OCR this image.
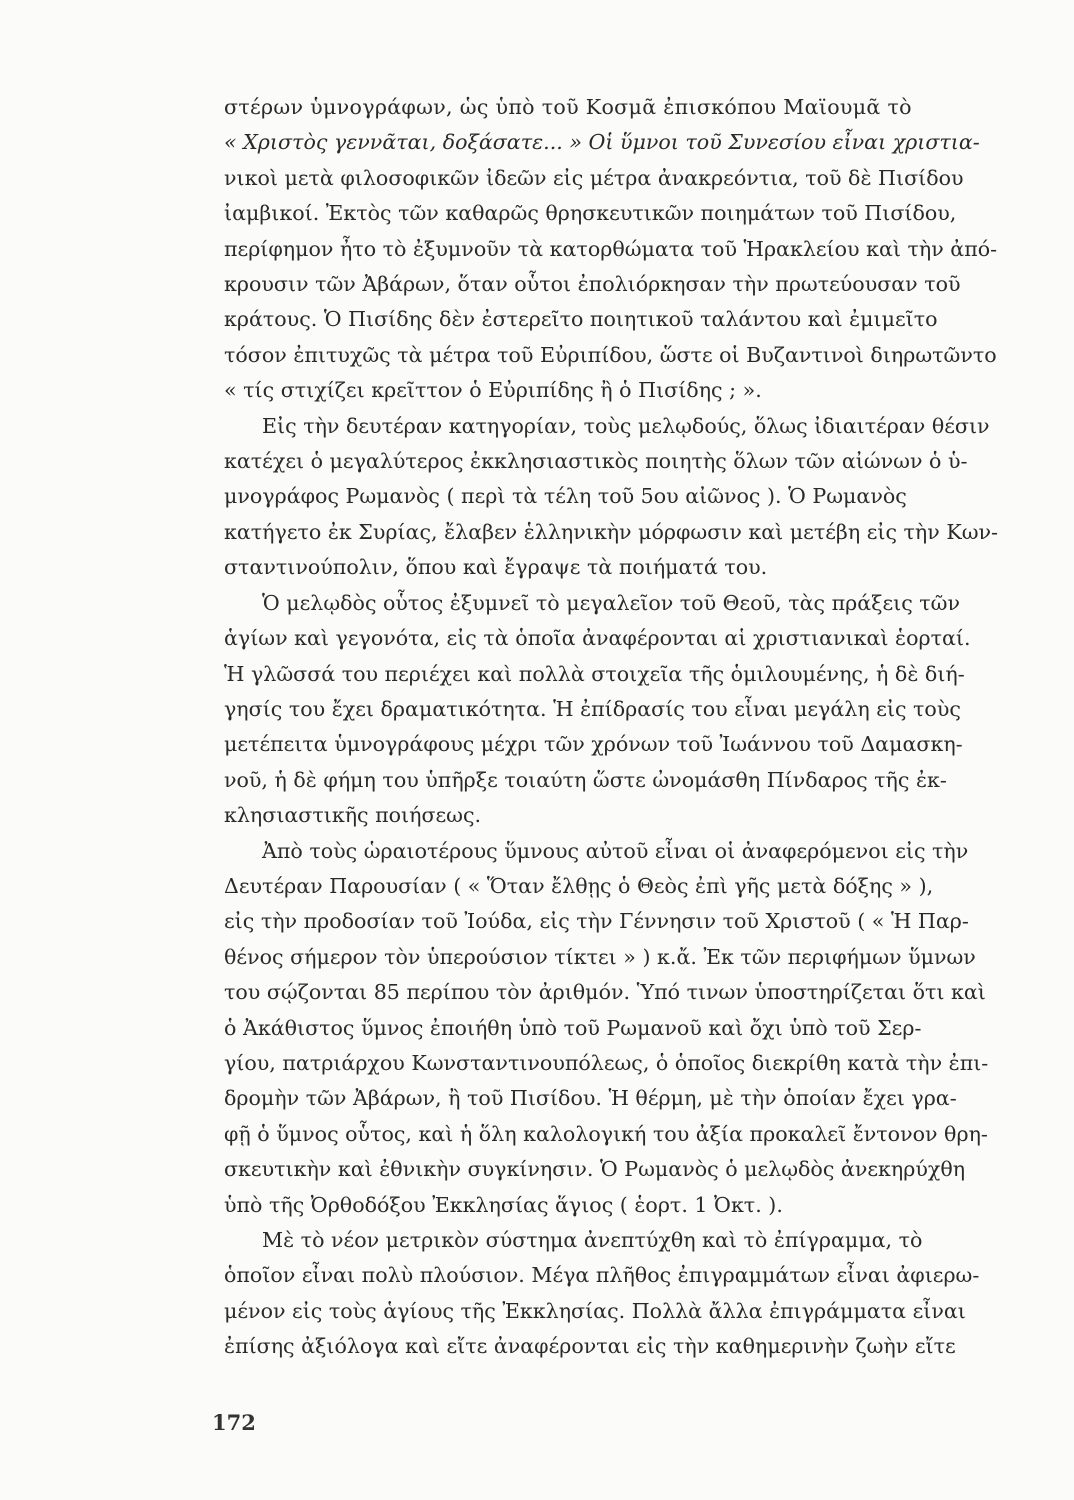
στέρων ὑμνογράφων, ὡς ὑπὸ τοῦ Κοσμᾶ ἐπισκόπου Μαϊουμᾶ τὸ
« Χριστὸς γεννᾶται, δοξάσατε... » Οἱ ὕμνοι τοῦ Συνεσίου εἶναι χριστια-
νικοὶ μετὰ φιλοσοφικῶν ἰδεῶν εἰς μέτρα ἀνακρεόντια, τοῦ δὲ Πισίδου
ἰαμβικοί. Ἐκτὸς τῶν καθαρῶς θρησκευτικῶν ποιημάτων τοῦ Πισίδου,
περίφημον ἦτο τὸ ἐξυμνοῦν τὰ κατορθώματα τοῦ Ἡρακλείου καὶ τὴν ἀπό-
κρουσιν τῶν Ἀβάρων, ὅταν οὗτοι ἐπολιόρκησαν τὴν πρωτεύουσαν τοῦ
κράτους. Ὁ Πισίδης δὲν ἐστερεῖτο ποιητικοῦ ταλάντου καὶ ἐμιμεῖτο
τόσον ἐπιτυχῶς τὰ μέτρα τοῦ Εὐριπίδου, ὥστε οἱ Βυζαντινοὶ διηρωτῶντο
« τίς στιχίζει κρεῖττον ὁ Εὐριπίδης ἢ ὁ Πισίδης ; ».
Εἰς τὴν δευτέραν κατηγορίαν, τοὺς μελῳδούς, ὅλως ἰδιαιτέραν θέσιν
κατέχει ὁ μεγαλύτερος ἐκκλησιαστικὸς ποιητὴς ὅλων τῶν αἰώνων ὁ ὑ-
μνογράφος Ρωμανὸς ( περὶ τὰ τέλη τοῦ 5ου αἰῶνος ). Ὁ Ρωμανὸς
κατήγετο ἐκ Συρίας, ἔλαβεν ἑλληνικὴν μόρφωσιν καὶ μετέβη εἰς τὴν Κων-
σταντινούπολιν, ὅπου καὶ ἔγραψε τὰ ποιήματά του.
Ὁ μελῳδὸς οὗτος ἐξυμνεῖ τὸ μεγαλεῖον τοῦ Θεοῦ, τὰς πράξεις τῶν
ἁγίων καὶ γεγονότα, εἰς τὰ ὁποῖα ἀναφέρονται αἱ χριστιανικαὶ ἑορταί.
Ἡ γλῶσσά του περιέχει καὶ πολλὰ στοιχεῖα τῆς ὁμιλουμένης, ἡ δὲ διή-
γησίς του ἔχει δραματικότητα. Ἡ ἐπίδρασίς του εἶναι μεγάλη εἰς τοὺς
μετέπειτα ὑμνογράφους μέχρι τῶν χρόνων τοῦ Ἰωάννου τοῦ Δαμασκη-
νοῦ, ἡ δὲ φήμη του ὑπῆρξε τοιαύτη ὥστε ὠνομάσθη Πίνδαρος τῆς ἐκ-
κλησιαστικῆς ποιήσεως.
Ἀπὸ τοὺς ὡραιοτέρους ὕμνους αὐτοῦ εἶναι οἱ ἀναφερόμενοι εἰς τὴν
Δευτέραν Παρουσίαν ( « Ὅταν ἔλθῃς ὁ Θεὸς ἐπὶ γῆς μετὰ δόξης » ),
εἰς τὴν προδοσίαν τοῦ Ἰούδα, εἰς τὴν Γέννησιν τοῦ Χριστοῦ ( « Ἡ Παρ-
θένος σήμερον τὸν ὑπερούσιον τίκτει » ) κ.ἄ. Ἐκ τῶν περιφήμων ὕμνων
του σῴζονται 85 περίπου τὸν ἀριθμόν. Ὑπό τινων ὑποστηρίζεται ὅτι καὶ
ὁ Ἀκάθιστος ὕμνος ἐποιήθη ὑπὸ τοῦ Ρωμανοῦ καὶ ὄχι ὑπὸ τοῦ Σερ-
γίου, πατριάρχου Κωνσταντινουπόλεως, ὁ ὁποῖος διεκρίθη κατὰ τὴν ἐπι-
δρομὴν τῶν Ἀβάρων, ἢ τοῦ Πισίδου. Ἡ θέρμη, μὲ τὴν ὁποίαν ἔχει γρα-
φῇ ὁ ὕμνος οὗτος, καὶ ἡ ὅλη καλολογική του ἀξία προκαλεῖ ἔντονον θρη-
σκευτικὴν καὶ ἐθνικὴν συγκίνησιν. Ὁ Ρωμανὸς ὁ μελῳδὸς ἀνεκηρύχθη
ὑπὸ τῆς Ὀρθοδόξου Ἐκκλησίας ἅγιος ( ἑορτ. 1 Ὀκτ. ).
Μὲ τὸ νέον μετρικὸν σύστημα ἀνεπτύχθη καὶ τὸ ἐπίγραμμα, τὸ
ὁποῖον εἶναι πολὺ πλούσιον. Μέγα πλῆθος ἐπιγραμμάτων εἶναι ἀφιερω-
μένον εἰς τοὺς ἁγίους τῆς Ἐκκλησίας. Πολλὰ ἄλλα ἐπιγράμματα εἶναι
ἐπίσης ἀξιόλογα καὶ εἴτε ἀναφέρονται εἰς τὴν καθημερινὴν ζωὴν εἴτε
172
